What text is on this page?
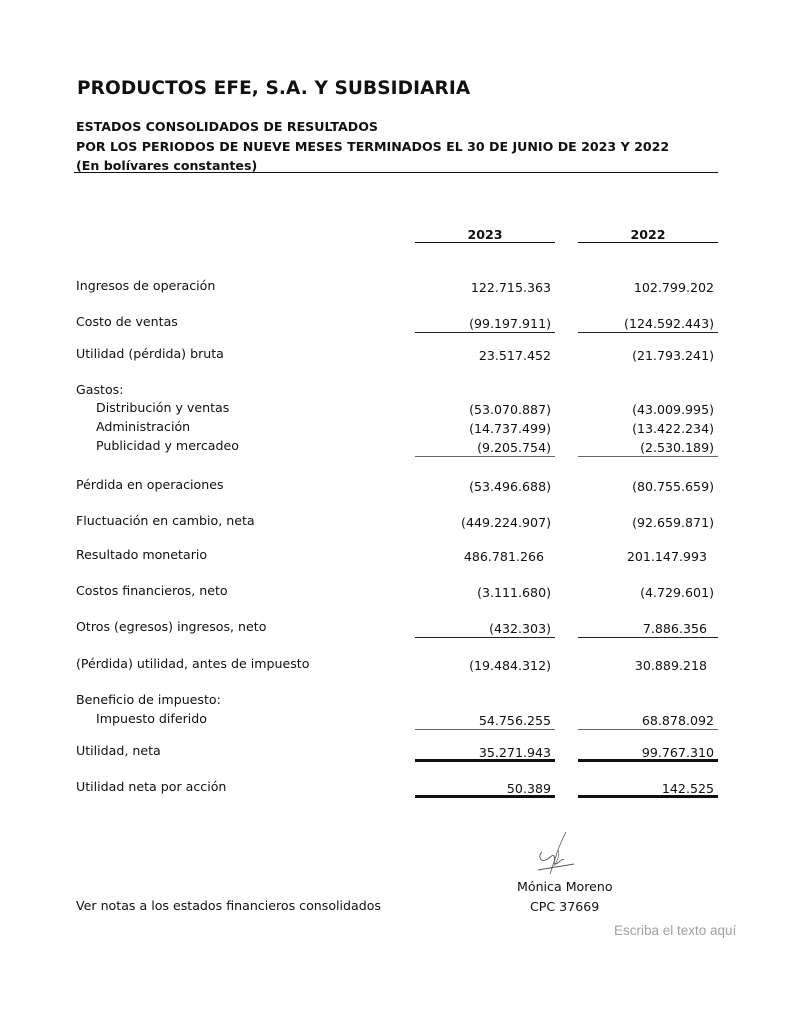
PRODUCTOS EFE, S.A. Y SUBSIDIARIA
ESTADOS CONSOLIDADOS DE RESULTADOS
POR LOS PERIODOS DE NUEVE MESES TERMINADOS EL 30 DE JUNIO DE 2023 Y 2022
(En bolívares constantes)
2023	2022
Ingresos de operación	122.715.363	102.799.202
Costo de ventas	(99.197.911)	(124.592.443)
Utilidad (pérdida) bruta	23.517.452	(21.793.241)
Gastos:
Distribución y ventas	(53.070.887)	(43.009.995)
Administración	(14.737.499)	(13.422.234)
Publicidad y mercadeo	(9.205.754)	(2.530.189)
Pérdida en operaciones	(53.496.688)	(80.755.659)
Fluctuación en cambio, neta	(449.224.907)	(92.659.871)
Resultado monetario	486.781.266	201.147.993
Costos financieros, neto	(3.111.680)	(4.729.601)
Otros (egresos) ingresos, neto	(432.303)	7.886.356
(Pérdida) utilidad, antes de impuesto	(19.484.312)	30.889.218
Beneficio de impuesto:
Impuesto diferido	54.756.255	68.878.092
Utilidad, neta	35.271.943	99.767.310
Utilidad neta por acción	50.389	142.525
Mónica Moreno
CPC 37669
Ver notas a los estados financieros consolidados
Escriba el texto aquí
